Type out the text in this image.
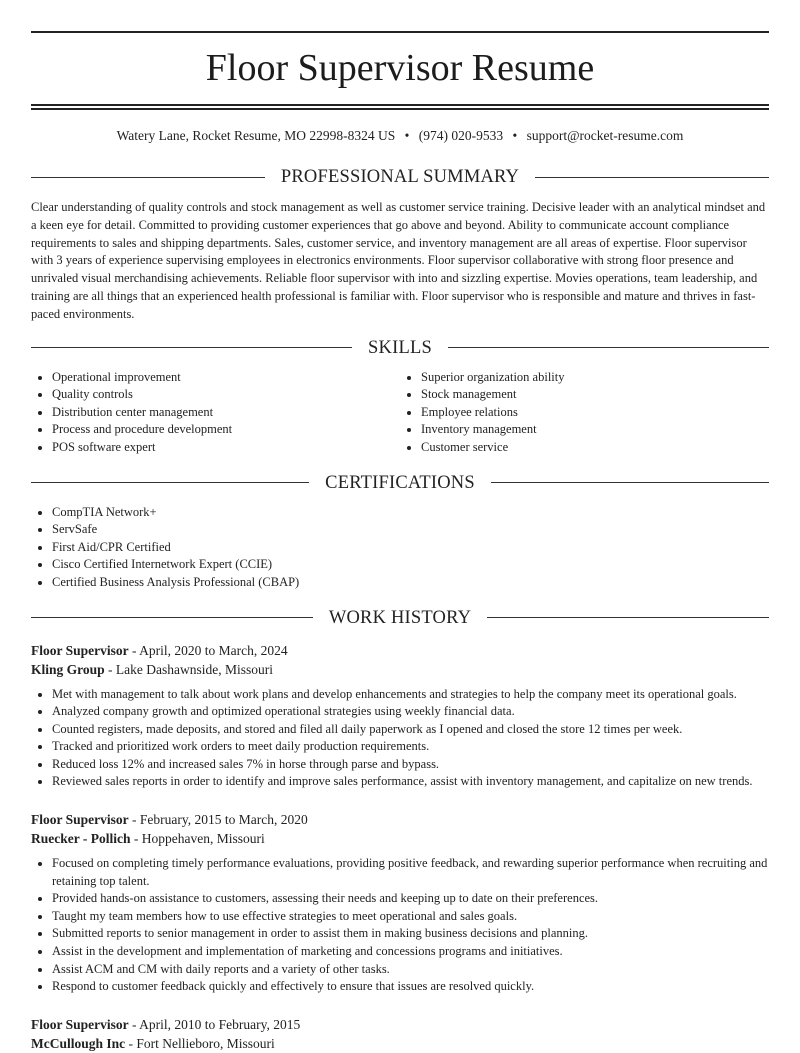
Floor Supervisor Resume
Watery Lane, Rocket Resume, MO 22998-8324 US • (974) 020-9533 • support@rocket-resume.com
PROFESSIONAL SUMMARY
Clear understanding of quality controls and stock management as well as customer service training. Decisive leader with an analytical mindset and a keen eye for detail. Committed to providing customer experiences that go above and beyond. Ability to communicate account compliance requirements to sales and shipping departments. Sales, customer service, and inventory management are all areas of expertise. Floor supervisor with 3 years of experience supervising employees in electronics environments. Floor supervisor collaborative with strong floor presence and unrivaled visual merchandising achievements. Reliable floor supervisor with into and sizzling expertise. Movies operations, team leadership, and training are all things that an experienced health professional is familiar with. Floor supervisor who is responsible and mature and thrives in fast-paced environments.
SKILLS
• Operational improvement
• Quality controls
• Distribution center management
• Process and procedure development
• POS software expert
• Superior organization ability
• Stock management
• Employee relations
• Inventory management
• Customer service
CERTIFICATIONS
• CompTIA Network+
• ServSafe
• First Aid/CPR Certified
• Cisco Certified Internetwork Expert (CCIE)
• Certified Business Analysis Professional (CBAP)
WORK HISTORY
Floor Supervisor - April, 2020 to March, 2024
Kling Group - Lake Dashawnside, Missouri
• Met with management to talk about work plans and develop enhancements and strategies to help the company meet its operational goals.
• Analyzed company growth and optimized operational strategies using weekly financial data.
• Counted registers, made deposits, and stored and filed all daily paperwork as I opened and closed the store 12 times per week.
• Tracked and prioritized work orders to meet daily production requirements.
• Reduced loss 12% and increased sales 7% in horse through parse and bypass.
• Reviewed sales reports in order to identify and improve sales performance, assist with inventory management, and capitalize on new trends.
Floor Supervisor - February, 2015 to March, 2020
Ruecker - Pollich - Hoppehaven, Missouri
• Focused on completing timely performance evaluations, providing positive feedback, and rewarding superior performance when recruiting and retaining top talent.
• Provided hands-on assistance to customers, assessing their needs and keeping up to date on their preferences.
• Taught my team members how to use effective strategies to meet operational and sales goals.
• Submitted reports to senior management in order to assist them in making business decisions and planning.
• Assist in the development and implementation of marketing and concessions programs and initiatives.
• Assist ACM and CM with daily reports and a variety of other tasks.
• Respond to customer feedback quickly and effectively to ensure that issues are resolved quickly.
Floor Supervisor - April, 2010 to February, 2015
McCullough Inc - Fort Nellieboro, Missouri
